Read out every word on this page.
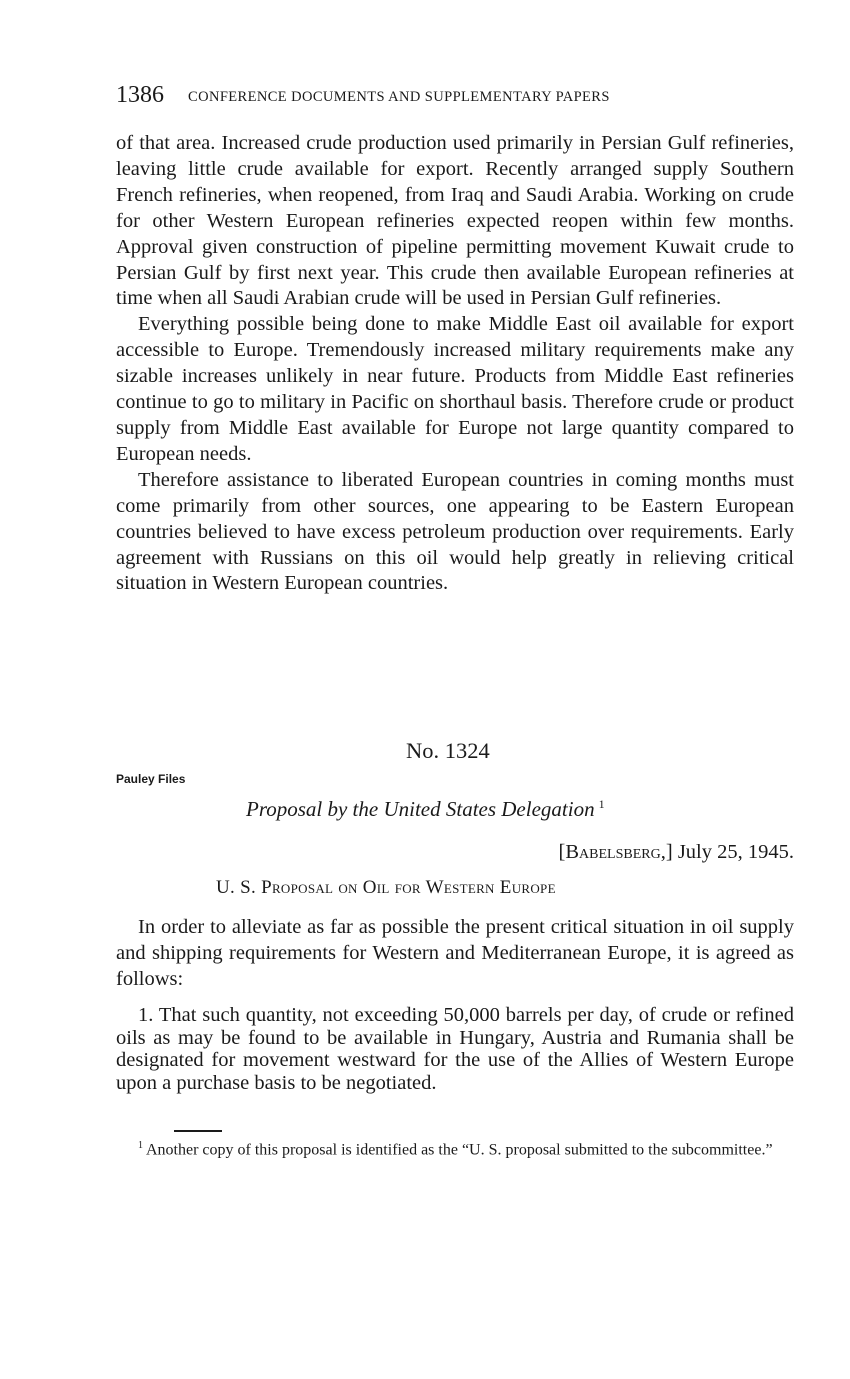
1386 CONFERENCE DOCUMENTS AND SUPPLEMENTARY PAPERS

of that area. Increased crude production used primarily in Persian Gulf refineries, leaving little crude available for export. Recently arranged supply Southern French refineries, when reopened, from Iraq and Saudi Arabia. Working on crude for other Western European refineries expected reopen within few months. Approval given construction of pipeline permitting movement Kuwait crude to Persian Gulf by first next year. This crude then available European refineries at time when all Saudi Arabian crude will be used in Persian Gulf refineries.

Everything possible being done to make Middle East oil available for export accessible to Europe. Tremendously increased military requirements make any sizable increases unlikely in near future. Products from Middle East refineries continue to go to military in Pacific on shorthaul basis. Therefore crude or product supply from Middle East available for Europe not large quantity compared to European needs.

Therefore assistance to liberated European countries in coming months must come primarily from other sources, one appearing to be Eastern European countries believed to have excess petroleum production over requirements. Early agreement with Russians on this oil would help greatly in relieving critical situation in Western European countries.

No. 1324
Pauley Files
Proposal by the United States Delegation $^1$
[Babelsberg,] July 25, 1945.
U. S. Proposal on Oil for Western Europe

In order to alleviate as far as possible the present critical situation in oil supply and shipping requirements for Western and Mediterranean Europe, it is agreed as follows:

1. That such quantity, not exceeding 50,000 barrels per day, of crude or refined oils as may be found to be available in Hungary, Austria and Rumania shall be designated for movement westward for the use of the Allies of Western Europe upon a purchase basis to be negotiated.

$^1$ Another copy of this proposal is identified as the “U. S. proposal submitted to the subcommittee.”
